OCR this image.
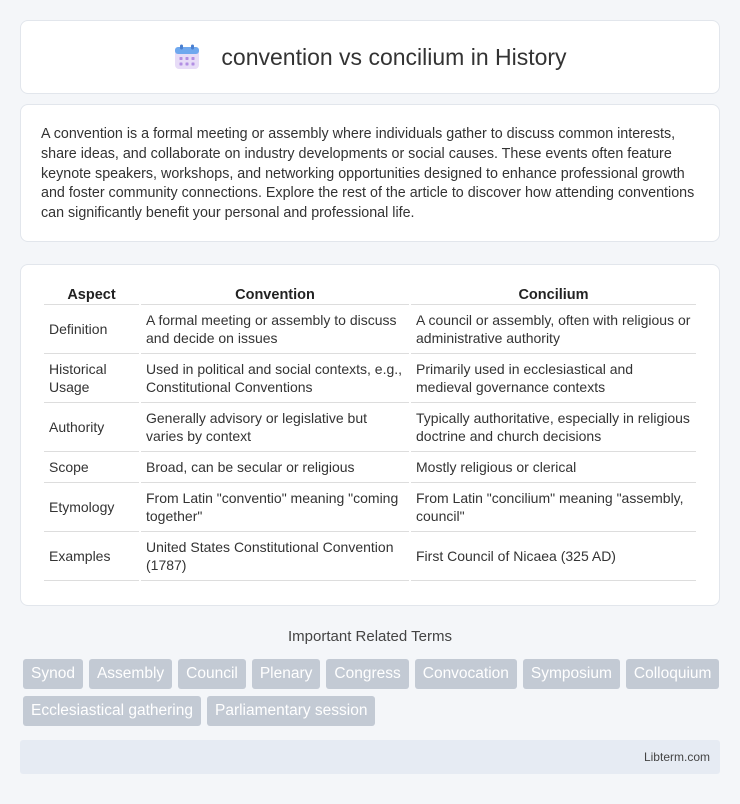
convention vs concilium in History

A convention is a formal meeting or assembly where individuals gather to discuss common interests, share ideas, and collaborate on industry developments or social causes. These events often feature keynote speakers, workshops, and networking opportunities designed to enhance professional growth and foster community connections. Explore the rest of the article to discover how attending conventions can significantly benefit your personal and professional life.

Aspect	Convention	Concilium
Definition	A formal meeting or assembly to discuss and decide on issues	A council or assembly, often with religious or administrative authority
Historical Usage	Used in political and social contexts, e.g., Constitutional Conventions	Primarily used in ecclesiastical and medieval governance contexts
Authority	Generally advisory or legislative but varies by context	Typically authoritative, especially in religious doctrine and church decisions
Scope	Broad, can be secular or religious	Mostly religious or clerical
Etymology	From Latin "conventio" meaning "coming together"	From Latin "concilium" meaning "assembly, council"
Examples	United States Constitutional Convention (1787)	First Council of Nicaea (325 AD)
Important Related Terms
Synod	Assembly	Council	Plenary	Congress	Convocation	Symposium	Colloquium
Ecclesiastical gathering	Parliamentary session
Libterm.com
